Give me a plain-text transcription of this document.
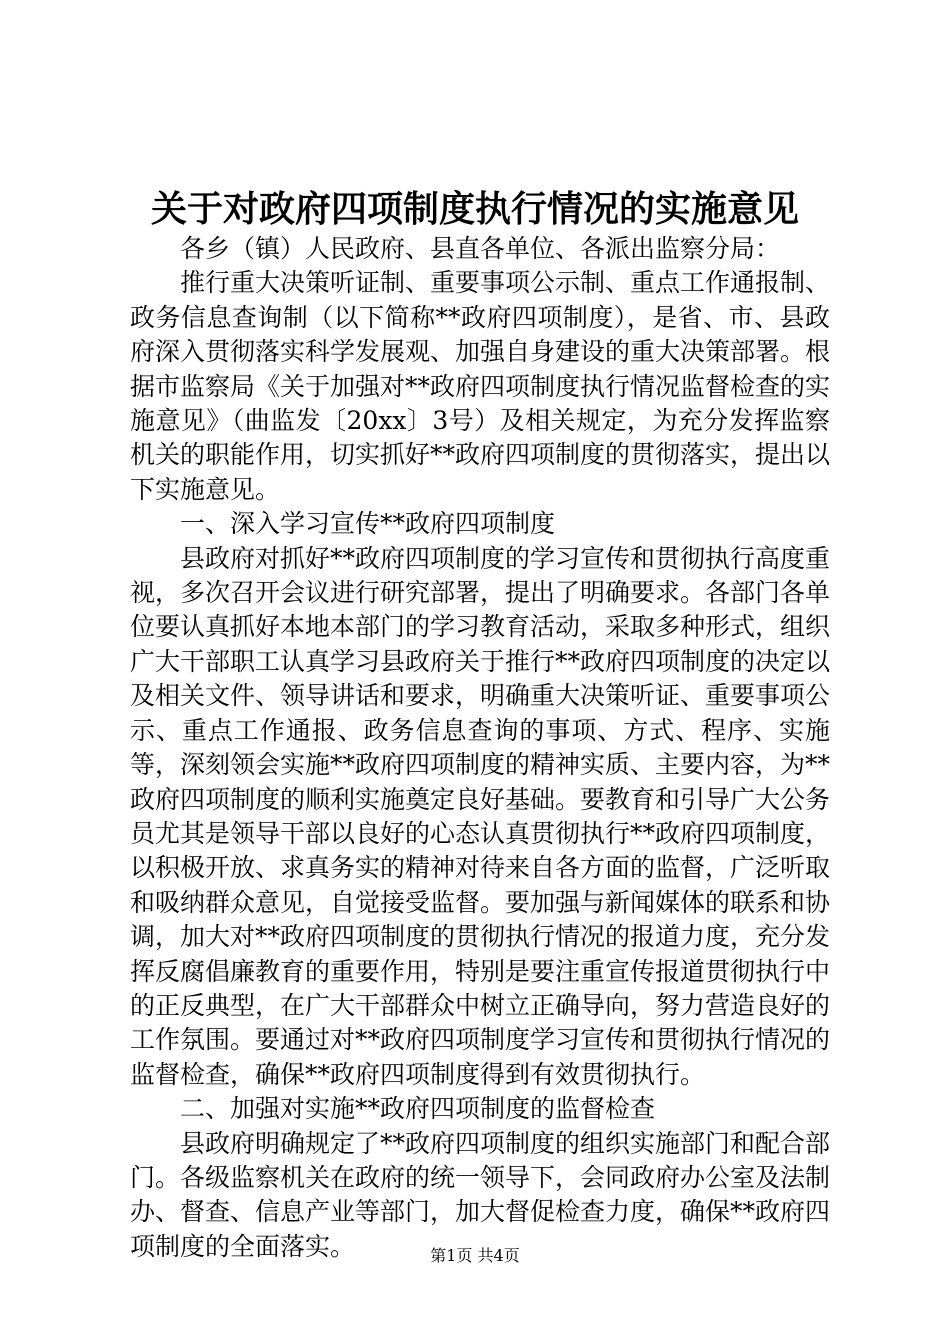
关于对政府四项制度执行情况的实施意见

各乡（镇）人民政府、县直各单位、各派出监察分局：

推行重大决策听证制、重要事项公示制、重点工作通报制、政务信息查询制（以下简称**政府四项制度），是省、市、县政府深入贯彻落实科学发展观、加强自身建设的重大决策部署。根据市监察局《关于加强对**政府四项制度执行情况监督检查的实施意见》（曲监发〔20xx〕3号）及相关规定，为充分发挥监察机关的职能作用，切实抓好**政府四项制度的贯彻落实，提出以下实施意见。

一、深入学习宣传**政府四项制度

县政府对抓好**政府四项制度的学习宣传和贯彻执行高度重视，多次召开会议进行研究部署，提出了明确要求。各部门各单位要认真抓好本地本部门的学习教育活动，采取多种形式，组织广大干部职工认真学习县政府关于推行**政府四项制度的决定以及相关文件、领导讲话和要求，明确重大决策听证、重要事项公示、重点工作通报、政务信息查询的事项、方式、程序、实施等，深刻领会实施**政府四项制度的精神实质、主要内容，为**政府四项制度的顺利实施奠定良好基础。要教育和引导广大公务员尤其是领导干部以良好的心态认真贯彻执行**政府四项制度，以积极开放、求真务实的精神对待来自各方面的监督，广泛听取和吸纳群众意见，自觉接受监督。要加强与新闻媒体的联系和协调，加大对**政府四项制度的贯彻执行情况的报道力度，充分发挥反腐倡廉教育的重要作用，特别是要注重宣传报道贯彻执行中的正反典型，在广大干部群众中树立正确导向，努力营造良好的工作氛围。要通过对**政府四项制度学习宣传和贯彻执行情况的监督检查，确保**政府四项制度得到有效贯彻执行。

二、加强对实施**政府四项制度的监督检查

县政府明确规定了**政府四项制度的组织实施部门和配合部门。各级监察机关在政府的统一领导下，会同政府办公室及法制办、督查、信息产业等部门，加大督促检查力度，确保**政府四项制度的全面落实。	第1页 共4页
